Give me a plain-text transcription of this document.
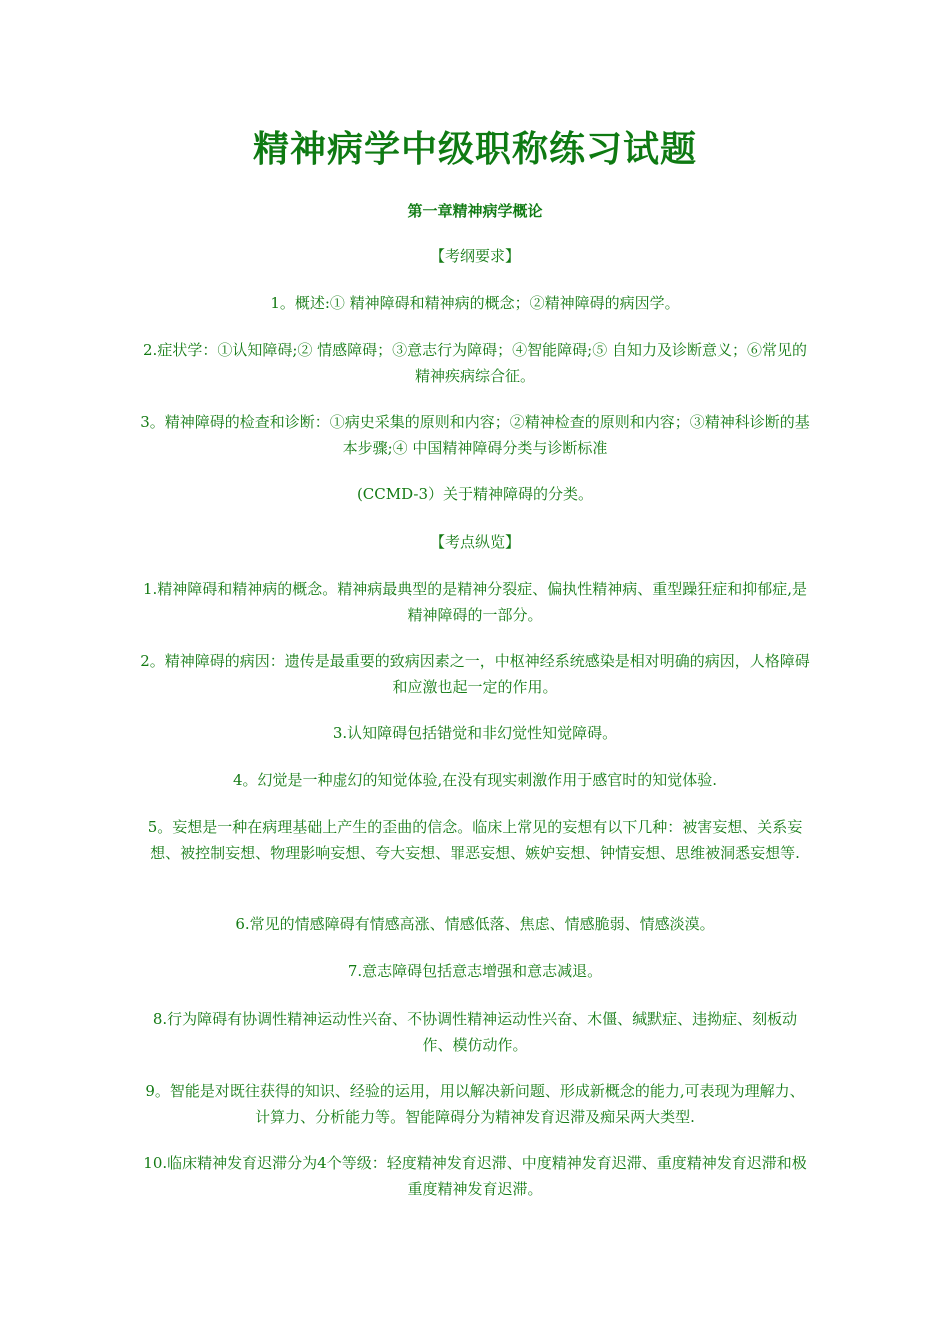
精神病学中级职称练习试题
第一章精神病学概论
【考纲要求】
1。概述:① 精神障碍和精神病的概念；②精神障碍的病因学。
2.症状学：①认知障碍;② 情感障碍；③意志行为障碍；④智能障碍;⑤ 自知力及诊断意义；⑥常见的精神疾病综合征。
3。精神障碍的检查和诊断：①病史采集的原则和内容；②精神检查的原则和内容；③精神科诊断的基本步骤;④ 中国精神障碍分类与诊断标准
(CCMD-3）关于精神障碍的分类。
【考点纵览】
1.精神障碍和精神病的概念。精神病最典型的是精神分裂症、偏执性精神病、重型躁狂症和抑郁症,是精神障碍的一部分。
2。精神障碍的病因：遗传是最重要的致病因素之一，中枢神经系统感染是相对明确的病因，人格障碍和应激也起一定的作用。
3.认知障碍包括错觉和非幻觉性知觉障碍。
4。幻觉是一种虚幻的知觉体验,在没有现实刺激作用于感官时的知觉体验.
5。妄想是一种在病理基础上产生的歪曲的信念。临床上常见的妄想有以下几种：被害妄想、关系妄想、被控制妄想、物理影响妄想、夸大妄想、罪恶妄想、嫉妒妄想、钟情妄想、思维被洞悉妄想等.
6.常见的情感障碍有情感高涨、情感低落、焦虑、情感脆弱、情感淡漠。
7.意志障碍包括意志增强和意志减退。
8.行为障碍有协调性精神运动性兴奋、不协调性精神运动性兴奋、木僵、缄默症、违拗症、刻板动作、模仿动作。
9。智能是对既往获得的知识、经验的运用，用以解决新问题、形成新概念的能力,可表现为理解力、计算力、分析能力等。智能障碍分为精神发育迟滞及痴呆两大类型.
10.临床精神发育迟滞分为4个等级：轻度精神发育迟滞、中度精神发育迟滞、重度精神发育迟滞和极重度精神发育迟滞。
